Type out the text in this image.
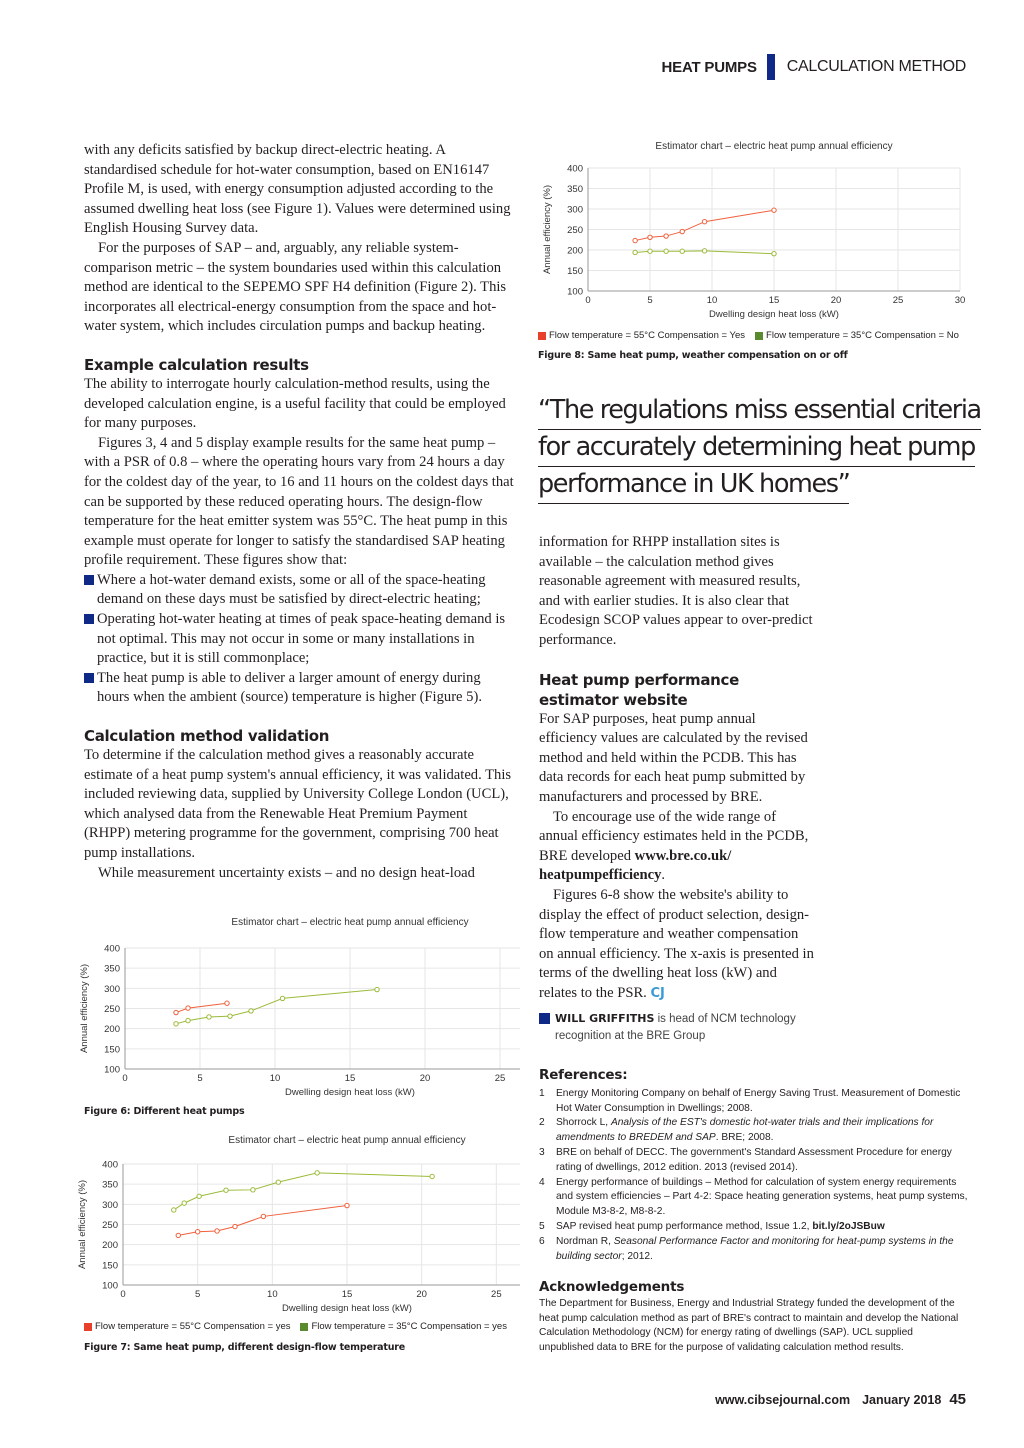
HEAT PUMPS CALCULATION METHOD

with any deficits satisfied by backup direct-electric heating. A standardised schedule for hot-water consumption, based on EN16147 Profile M, is used, with energy consumption adjusted according to the assumed dwelling heat loss (see Figure 1). Values were determined using English Housing Survey data.

For the purposes of SAP – and, arguably, any reliable system-comparison metric – the system boundaries used within this calculation method are identical to the SEPEMO SPF H4 definition (Figure 2). This incorporates all electrical-energy consumption from the space and hot-water system, which includes circulation pumps and backup heating.

Example calculation results

The ability to interrogate hourly calculation-method results, using the developed calculation engine, is a useful facility that could be employed for many purposes.

Figures 3, 4 and 5 display example results for the same heat pump – with a PSR of 0.8 – where the operating hours vary from 24 hours a day for the coldest day of the year, to 16 and 11 hours on the coldest days that can be supported by these reduced operating hours. The design-flow temperature for the heat emitter system was 55°C. The heat pump in this example must operate for longer to satisfy the standardised SAP heating profile requirement. These figures show that:

Where a hot-water demand exists, some or all of the space-heating demand on these days must be satisfied by direct-electric heating;
Operating hot-water heating at times of peak space-heating demand is not optimal. This may not occur in some or many installations in practice, but it is still commonplace;
The heat pump is able to deliver a larger amount of energy during hours when the ambient (source) temperature is higher (Figure 5).
Calculation method validation

To determine if the calculation method gives a reasonably accurate estimate of a heat pump system's annual efficiency, it was validated. This included reviewing data, supplied by University College London (UCL), which analysed data from the Renewable Heat Premium Payment (RHPP) metering programme for the government, comprising 700 heat pump installations.

While measurement uncertainty exists – and no design heat-load

Estimator chart – electric heat pump annual efficiency
100
150
200
250
300
350
400
0	5	10	15	20	25
Dwelling design heat loss (kW)
Annual efficiency (%)
Figure 6: Different heat pumps
Estimator chart – electric heat pump annual efficiency
100
150
200
250
300
350
400
0	5	10	15	20	25
Dwelling design heat loss (kW)
Annual efficiency (%)
Flow temperature = 55°C Compensation = yes Flow temperature = 35°C Compensation = yes
Figure 7: Same heat pump, different design-flow temperature
Estimator chart – electric heat pump annual efficiency
100
150
200
250
300
350
400
0	5	10	15	20	25	30
Dwelling design heat loss (kW)
Annual efficiency (%)
Flow temperature = 55°C Compensation = Yes Flow temperature = 35°C Compensation = No
Figure 8: Same heat pump, weather compensation on or off
“The regulations miss essential criteria
for accurately determining heat pump
performance in UK homes”

information for RHPP installation sites is available – the calculation method gives reasonable agreement with measured results, and with earlier studies. It is also clear that Ecodesign SCOP values appear to over-predict performance.

Heat pump performance estimator website

For SAP purposes, heat pump annual efficiency values are calculated by the revised method and held within the PCDB. This has data records for each heat pump submitted by manufacturers and processed by BRE.

To encourage use of the wide range of annual efficiency estimates held in the PCDB, BRE developed www.bre.co.uk/ heatpumpefficiency.

Figures 6-8 show the website's ability to display the effect of product selection, design-flow temperature and weather compensation on annual efficiency. The x-axis is presented in terms of the dwelling heat loss (kW) and relates to the PSR. CJ

WILL GRIFFITHS is head of NCM technology recognition at the BRE Group
References:
1 Energy Monitoring Company on behalf of Energy Saving Trust. Measurement of Domestic Hot Water Consumption in Dwellings; 2008.
2 Shorrock L, Analysis of the EST's domestic hot-water trials and their implications for amendments to BREDEM and SAP. BRE; 2008.
3 BRE on behalf of DECC. The government's Standard Assessment Procedure for energy rating of dwellings, 2012 edition. 2013 (revised 2014).
4 Energy performance of buildings – Method for calculation of system energy requirements and system efficiencies – Part 4-2: Space heating generation systems, heat pump systems, Module M3-8-2, M8-8-2.
5 SAP revised heat pump performance method, Issue 1.2, bit.ly/2oJSBuw
6 Nordman R, Seasonal Performance Factor and monitoring for heat-pump systems in the building sector; 2012.
Acknowledgements
The Department for Business, Energy and Industrial Strategy funded the development of the heat pump calculation method as part of BRE's contract to maintain and develop the National Calculation Methodology (NCM) for energy rating of dwellings (SAP). UCL supplied unpublished data to BRE for the purpose of validating calculation method results.
www.cibsejournal.com January 2018 45
